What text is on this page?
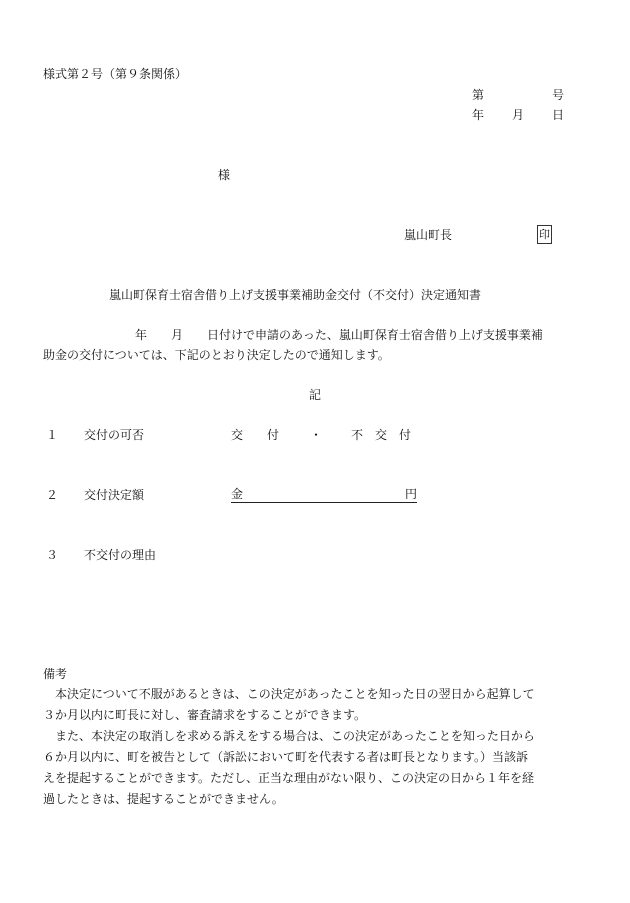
様式第２号（第９条関係）
第	号
年 月 日
様
嵐山町長	印
嵐山町保育士宿舎借り上げ支援事業補助金交付（不交付）決定通知書
年　　月　　日付けで申請のあった、嵐山町保育士宿舎借り上げ支援事業補
助金の交付については、下記のとおり決定したので通知します。
記
１ 交付の可否	交　　付	・ 不　交　付
２ 交付決定額	金	円
３ 不交付の理由
備考
　本決定について不服があるときは、この決定があったことを知った日の翌日から起算して
３か月以内に町長に対し、審査請求をすることができます。
　また、本決定の取消しを求める訴えをする場合は、この決定があったことを知った日から
６か月以内に、町を被告として（訴訟において町を代表する者は町長となります。）当該訴
えを提起することができます。ただし、正当な理由がない限り、この決定の日から１年を経
過したときは、提起することができません。
